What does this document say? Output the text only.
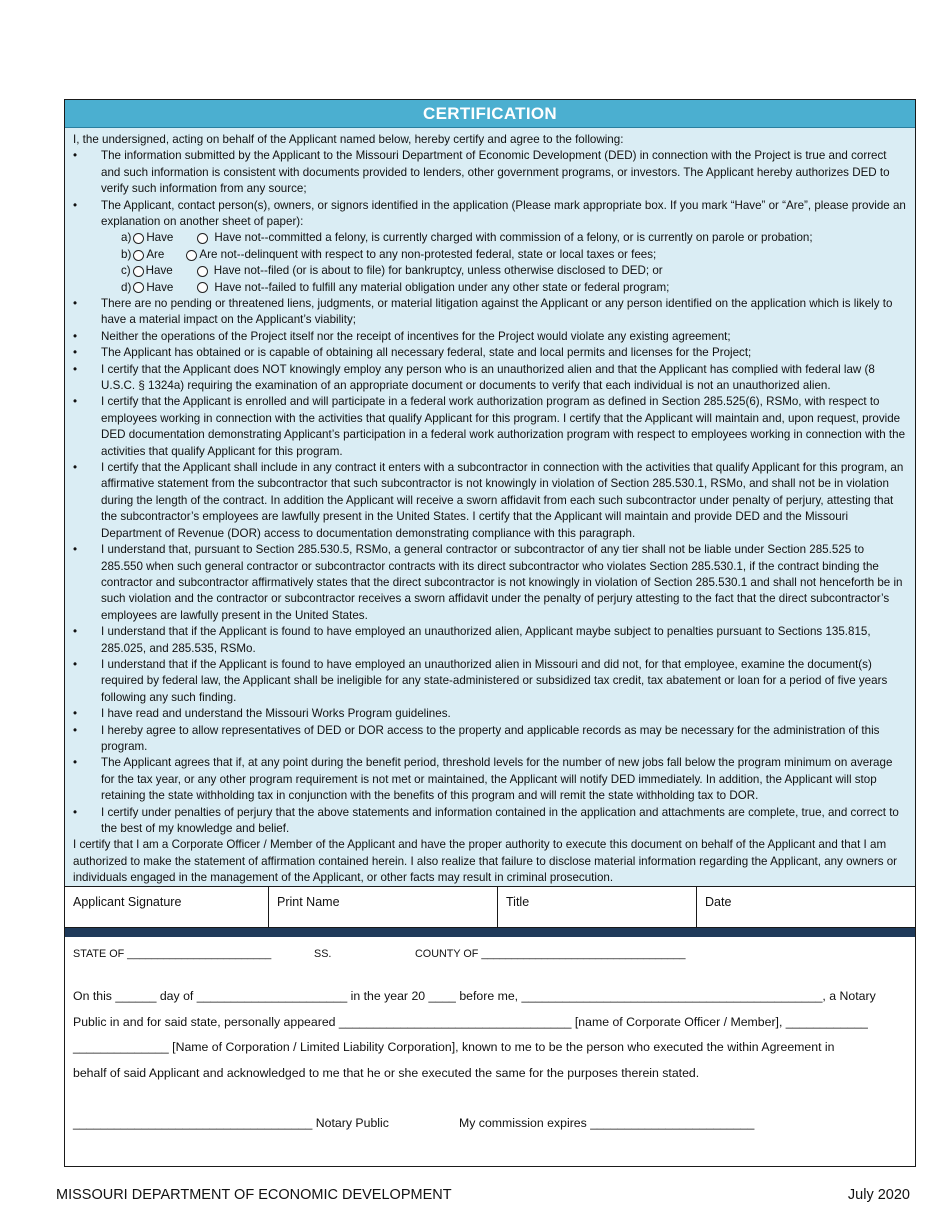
CERTIFICATION

I, the undersigned, acting on behalf of the Applicant named below, hereby certify and agree to the following:

• The information submitted by the Applicant to the Missouri Department of Economic Development (DED) in connection with the Project is true and correct and such information is consistent with documents provided to lenders, other government programs, or investors. The Applicant hereby authorizes DED to verify such information from any source;
• The Applicant, contact person(s), owners, or signors identified in the application (Please mark appropriate box. If you mark “Have” or “Are”, please provide an explanation on another sheet of paper):
a) Have	Have not--committed a felony, is currently charged with commission of a felony, or is currently on parole or probation;
b) Are	Are not--delinquent with respect to any non-protested federal, state or local taxes or fees;
c) Have	Have not--filed (or is about to file) for bankruptcy, unless otherwise disclosed to DED; or
d) Have	Have not--failed to fulfill any material obligation under any other state or federal program;
• There are no pending or threatened liens, judgments, or material litigation against the Applicant or any person identified on the application which is likely to have a material impact on the Applicant’s viability;
• Neither the operations of the Project itself nor the receipt of incentives for the Project would violate any existing agreement;
• The Applicant has obtained or is capable of obtaining all necessary federal, state and local permits and licenses for the Project;
• I certify that the Applicant does NOT knowingly employ any person who is an unauthorized alien and that the Applicant has complied with federal law (8 U.S.C. § 1324a) requiring the examination of an appropriate document or documents to verify that each individual is not an unauthorized alien.
• I certify that the Applicant is enrolled and will participate in a federal work authorization program as defined in Section 285.525(6), RSMo, with respect to employees working in connection with the activities that qualify Applicant for this program. I certify that the Applicant will maintain and, upon request, provide DED documentation demonstrating Applicant’s participation in a federal work authorization program with respect to employees working in connection with the activities that qualify Applicant for this program.
• I certify that the Applicant shall include in any contract it enters with a subcontractor in connection with the activities that qualify Applicant for this program, an affirmative statement from the subcontractor that such subcontractor is not knowingly in violation of Section 285.530.1, RSMo, and shall not be in violation during the length of the contract. In addition the Applicant will receive a sworn affidavit from each such subcontractor under penalty of perjury, attesting that the subcontractor’s employees are lawfully present in the United States. I certify that the Applicant will maintain and provide DED and the Missouri Department of Revenue (DOR) access to documentation demonstrating compliance with this paragraph.
• I understand that, pursuant to Section 285.530.5, RSMo, a general contractor or subcontractor of any tier shall not be liable under Section 285.525 to 285.550 when such general contractor or subcontractor contracts with its direct subcontractor who violates Section 285.530.1, if the contract binding the contractor and subcontractor affirmatively states that the direct subcontractor is not knowingly in violation of Section 285.530.1 and shall not henceforth be in such violation and the contractor or subcontractor receives a sworn affidavit under the penalty of perjury attesting to the fact that the direct subcontractor’s employees are lawfully present in the United States.
• I understand that if the Applicant is found to have employed an unauthorized alien, Applicant maybe subject to penalties pursuant to Sections 135.815, 285.025, and 285.535, RSMo.
• I understand that if the Applicant is found to have employed an unauthorized alien in Missouri and did not, for that employee, examine the document(s) required by federal law, the Applicant shall be ineligible for any state-administered or subsidized tax credit, tax abatement or loan for a period of five years following any such finding.
• I have read and understand the Missouri Works Program guidelines.
• I hereby agree to allow representatives of DED or DOR access to the property and applicable records as may be necessary for the administration of this program.
• The Applicant agrees that if, at any point during the benefit period, threshold levels for the number of new jobs fall below the program minimum on average for the tax year, or any other program requirement is not met or maintained, the Applicant will notify DED immediately. In addition, the Applicant will stop retaining the state withholding tax in conjunction with the benefits of this program and will remit the state withholding tax to DOR.
• I certify under penalties of perjury that the above statements and information contained in the application and attachments are complete, true, and correct to the best of my knowledge and belief.

I certify that I am a Corporate Officer / Member of the Applicant and have the proper authority to execute this document on behalf of the Applicant and that I am authorized to make the statement of affirmation contained herein. I also realize that failure to disclose material information regarding the Applicant, any owners or individuals engaged in the management of the Applicant, or other facts may result in criminal prosecution.

Applicant Signature	Print Name	Title	Date
STATE OF ________________________	SS.	COUNTY OF __________________________________
On this ______ day of ______________________ in the year 20 ____ before me, ____________________________________________, a Notary
Public in and for said state, personally appeared __________________________________ [name of Corporate Officer / Member], ____________
______________ [Name of Corporation / Limited Liability Corporation], known to me to be the person who executed the within Agreement in
behalf of said Applicant and acknowledged to me that he or she executed the same for the purposes therein stated.
___________________________________ Notary Public	My commission expires ________________________
MISSOURI DEPARTMENT OF ECONOMIC DEVELOPMENT	July 2020
